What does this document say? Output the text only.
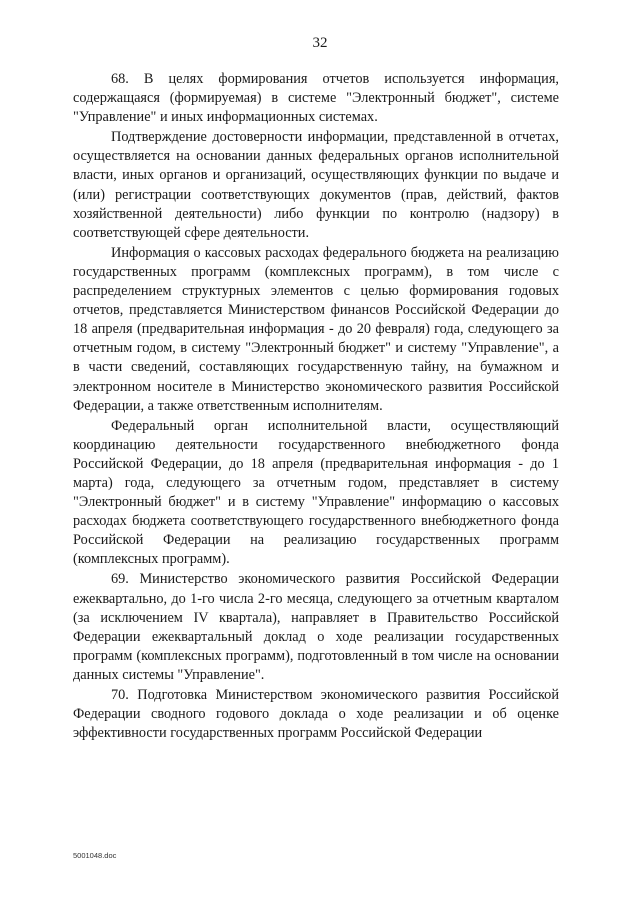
32

68. В целях формирования отчетов используется информация, содержащаяся (формируемая) в системе "Электронный бюджет", системе "Управление" и иных информационных системах.

Подтверждение достоверности информации, представленной в отчетах, осуществляется на основании данных федеральных органов исполнительной власти, иных органов и организаций, осуществляющих функции по выдаче и (или) регистрации соответствующих документов (прав, действий, фактов хозяйственной деятельности) либо функции по контролю (надзору) в соответствующей сфере деятельности.

Информация о кассовых расходах федерального бюджета на реализацию государственных программ (комплексных программ), в том числе с распределением структурных элементов с целью формирования годовых отчетов, представляется Министерством финансов Российской Федерации до 18 апреля (предварительная информация - до 20 февраля) года, следующего за отчетным годом, в систему "Электронный бюджет" и систему "Управление", а в части сведений, составляющих государственную тайну, на бумажном и электронном носителе в Министерство экономического развития Российской Федерации, а также ответственным исполнителям.

Федеральный орган исполнительной власти, осуществляющий координацию деятельности государственного внебюджетного фонда Российской Федерации, до 18 апреля (предварительная информация - до 1 марта) года, следующего за отчетным годом, представляет в систему "Электронный бюджет" и в систему "Управление" информацию о кассовых расходах бюджета соответствующего государственного внебюджетного фонда Российской Федерации на реализацию государственных программ (комплексных программ).

69. Министерство экономического развития Российской Федерации ежеквартально, до 1-го числа 2-го месяца, следующего за отчетным кварталом (за исключением IV квартала), направляет в Правительство Российской Федерации ежеквартальный доклад о ходе реализации государственных программ (комплексных программ), подготовленный в том числе на основании данных системы "Управление".

70. Подготовка Министерством экономического развития Российской Федерации сводного годового доклада о ходе реализации и об оценке эффективности государственных программ Российской Федерации

5001048.doc
